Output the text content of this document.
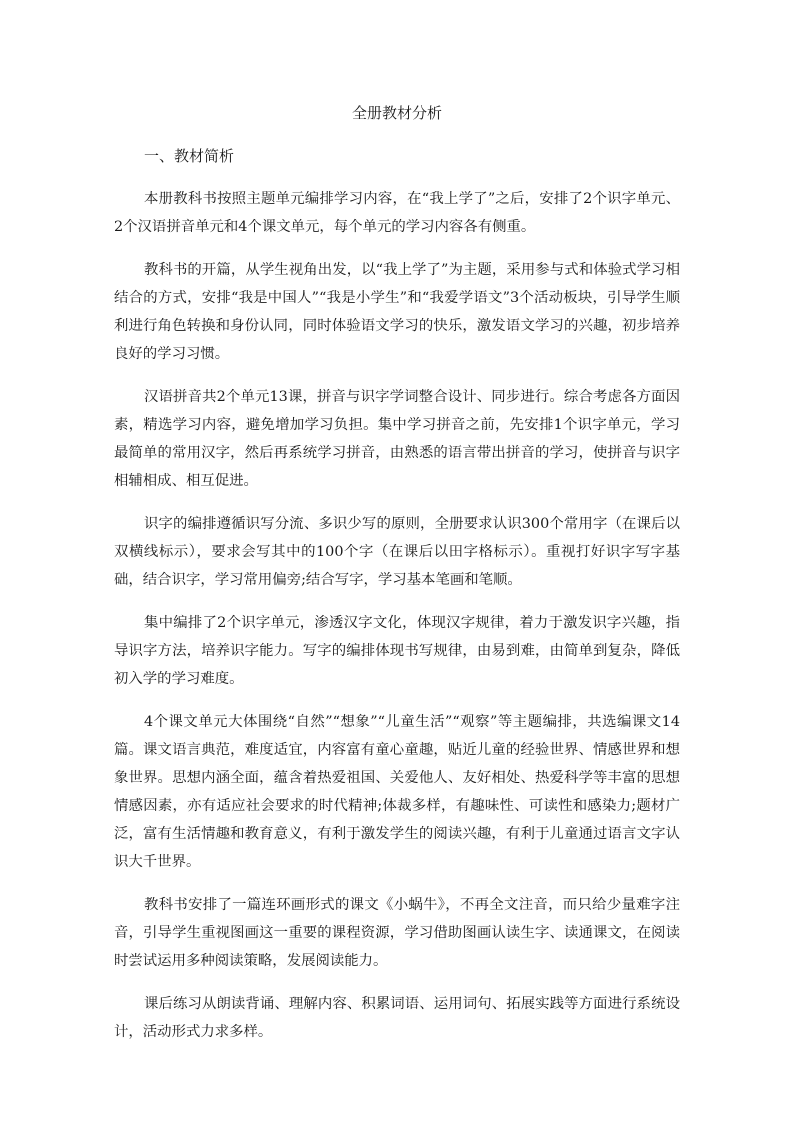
全册教材分析
一、教材简析

本册教科书按照主题单元编排学习内容，在“我上学了”之后，安排了2个识字单元、2个汉语拼音单元和4个课文单元，每个单元的学习内容各有侧重。

教科书的开篇，从学生视角出发，以“我上学了”为主题，采用参与式和体验式学习相结合的方式，安排“我是中国人”“我是小学生”和“我爱学语文”3个活动板块，引导学生顺利进行角色转换和身份认同，同时体验语文学习的快乐，激发语文学习的兴趣，初步培养良好的学习习惯。

汉语拼音共2个单元13课，拼音与识字学词整合设计、同步进行。综合考虑各方面因素，精选学习内容，避免增加学习负担。集中学习拼音之前，先安排1个识字单元，学习最简单的常用汉字，然后再系统学习拼音，由熟悉的语言带出拼音的学习，使拼音与识字相辅相成、相互促进。

识字的编排遵循识写分流、多识少写的原则，全册要求认识300个常用字（在课后以双横线标示），要求会写其中的100个字（在课后以田字格标示）。重视打好识字写字基础，结合识字，学习常用偏旁;结合写字，学习基本笔画和笔顺。

集中编排了2个识字单元，渗透汉字文化，体现汉字规律，着力于激发识字兴趣，指导识字方法，培养识字能力。写字的编排体现书写规律，由易到难，由简单到复杂，降低初入学的学习难度。

4个课文单元大体围绕“自然”“想象”“儿童生活”“观察”等主题编排，共选编课文14篇。课文语言典范，难度适宜，内容富有童心童趣，贴近儿童的经验世界、情感世界和想象世界。思想内涵全面，蕴含着热爱祖国、关爱他人、友好相处、热爱科学等丰富的思想情感因素，亦有适应社会要求的时代精神;体裁多样，有趣味性、可读性和感染力;题材广泛，富有生活情趣和教育意义，有利于激发学生的阅读兴趣，有利于儿童通过语言文字认识大千世界。

教科书安排了一篇连环画形式的课文《小蜗牛》，不再全文注音，而只给少量难字注音，引导学生重视图画这一重要的课程资源，学习借助图画认读生字、读通课文，在阅读时尝试运用多种阅读策略，发展阅读能力。

课后练习从朗读背诵、理解内容、积累词语、运用词句、拓展实践等方面进行系统设计，活动形式力求多样。
